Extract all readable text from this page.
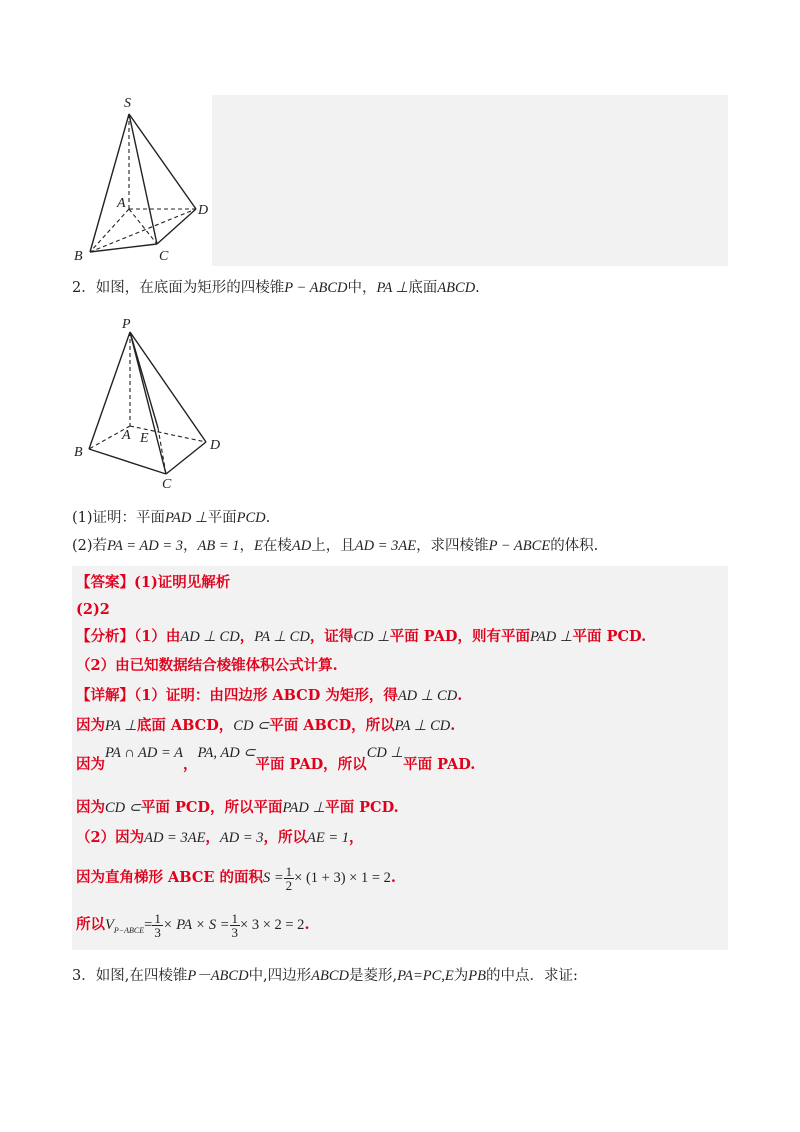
S
A
B	C
D
2．如图，在底面为矩形的四棱锥P − ABCD中，PA ⊥底面ABCD.
P
A E
B
C
D
(1)证明：平面PAD ⊥平面PCD.
(2)若PA = AD = 3，AB = 1，E在棱AD上，且AD = 3AE，求四棱锥P − ABCE的体积.
【答案】(1)证明见解析
(2)2
【分析】（1）由AD ⊥ CD，PA ⊥ CD，证得CD ⊥平面 PAD，则有平面PAD ⊥平面 PCD.
（2）由已知数据结合棱锥体积公式计算.
【详解】（1）证明：由四边形 ABCD 为矩形，得AD ⊥ CD.
因为PA ⊥底面 ABCD，CD ⊂平面 ABCD，所以PA ⊥ CD.
因为PA ∩ AD = A，PA, AD ⊂平面 PAD，所以CD ⊥平面 PAD.
因为CD ⊂平面 PCD，所以平面PAD ⊥平面 PCD.
（2）因为AD = 3AE，AD = 3，所以AE = 1，
因为直角梯形 ABCE 的面积$S = \frac{1}{2} \times (1 + 3) \times 1 = 2$.
所以$V_{P-ABCE}= \frac{1}{3}$ × PA × $S = \frac{1}{3} \times 3 \times 2 = 2$.
3．如图,在四棱锥P－ABCD中,四边形ABCD是菱形,PA=PC,E为PB的中点．求证:
